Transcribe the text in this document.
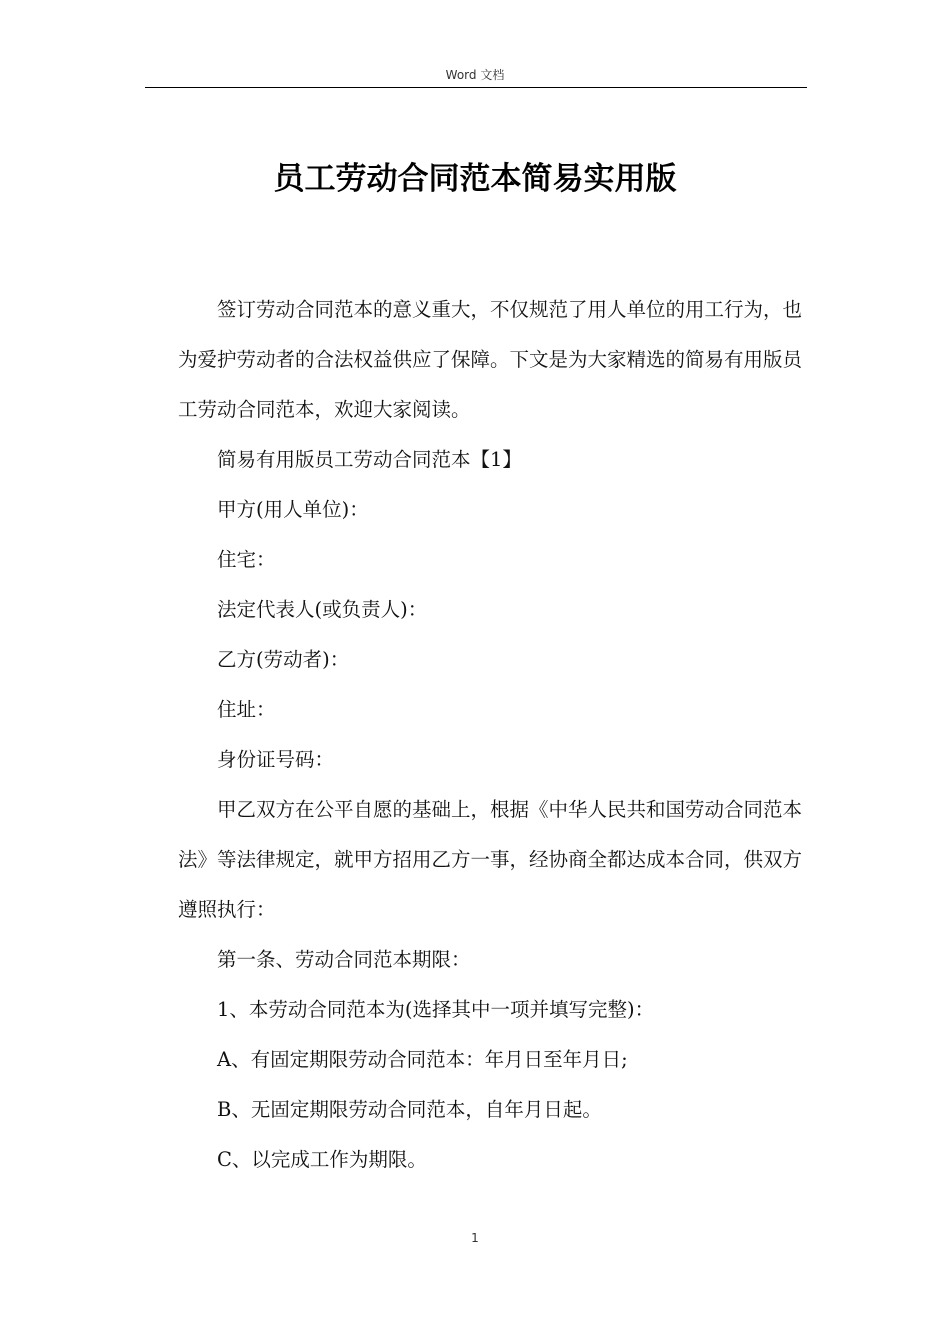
Word 文档
员工劳动合同范本简易实用版

签订劳动合同范本的意义重大，不仅规范了用人单位的用工行为，也为爱护劳动者的合法权益供应了保障。下文是为大家精选的简易有用版员工劳动合同范本，欢迎大家阅读。

简易有用版员工劳动合同范本【1】

甲方(用人单位)：

住宅：

法定代表人(或负责人)：

乙方(劳动者)：

住址：

身份证号码：

甲乙双方在公平自愿的基础上，根据《中华人民共和国劳动合同范本法》等法律规定，就甲方招用乙方一事，经协商全都达成本合同，供双方遵照执行：

第一条、劳动合同范本期限：

1、本劳动合同范本为(选择其中一项并填写完整)：

A、有固定期限劳动合同范本：年月日至年月日;

B、无固定期限劳动合同范本，自年月日起。

C、以完成工作为期限。

1
